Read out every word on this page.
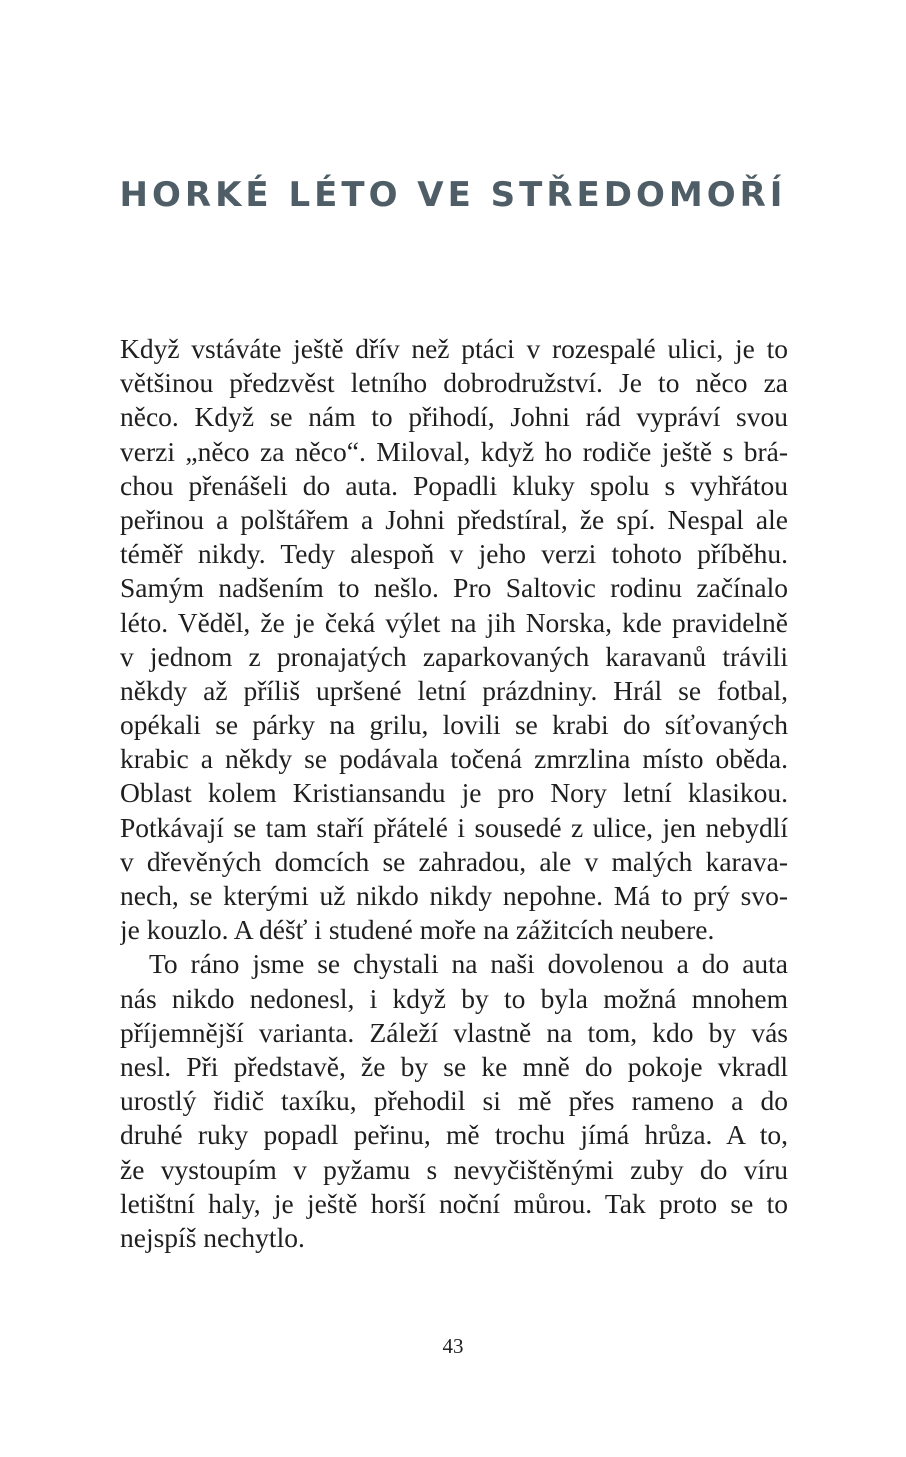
HORKÉ LÉTO VE STŘEDOMOŘÍ
Když vstáváte ještě dřív než ptáci v rozespalé ulici, je to
většinou předzvěst letního dobrodružství. Je to něco za
něco. Když se nám to přihodí, Johni rád vypráví svou
verzi „něco za něco“. Miloval, když ho rodiče ještě s brá-
chou přenášeli do auta. Popadli kluky spolu s vyhřátou
peřinou a polštářem a Johni předstíral, že spí. Nespal ale
téměř nikdy. Tedy alespoň v jeho verzi tohoto příběhu.
Samým nadšením to nešlo. Pro Saltovic rodinu začínalo
léto. Věděl, že je čeká výlet na jih Norska, kde pravidelně
v jednom z pronajatých zaparkovaných karavanů trávili
někdy až příliš upršené letní prázdniny. Hrál se fotbal,
opékali se párky na grilu, lovili se krabi do síťovaných
krabic a někdy se podávala točená zmrzlina místo oběda.
Oblast kolem Kristiansandu je pro Nory letní klasikou.
Potkávají se tam staří přátelé i sousedé z ulice, jen nebydlí
v dřevěných domcích se zahradou, ale v malých karava-
nech, se kterými už nikdo nikdy nepohne. Má to prý svo-
je kouzlo. A déšť i studené moře na zážitcích neubere.
To ráno jsme se chystali na naši dovolenou a do auta
nás nikdo nedonesl, i když by to byla možná mnohem
příjemnější varianta. Záleží vlastně na tom, kdo by vás
nesl. Při představě, že by se ke mně do pokoje vkradl
urostlý řidič taxíku, přehodil si mě přes rameno a do
druhé ruky popadl peřinu, mě trochu jímá hrůza. A to,
že vystoupím v pyžamu s nevyčištěnými zuby do víru
letištní haly, je ještě horší noční můrou. Tak proto se to
nejspíš nechytlo.
43
